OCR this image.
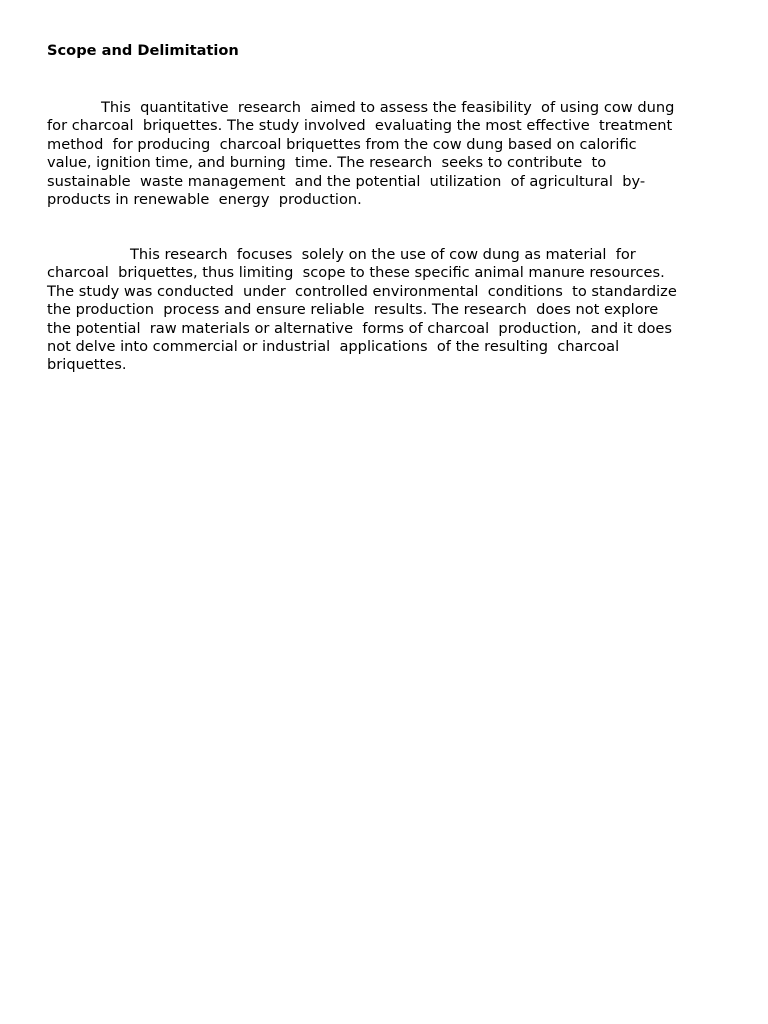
Scope and Delimitation

This  quantitative  research  aimed to assess the feasibility  of using cow dung
for charcoal  briquettes. The study involved  evaluating the most effective  treatment
method  for producing  charcoal briquettes from the cow dung based on calorific
value, ignition time, and burning  time. The research  seeks to contribute  to
sustainable  waste management  and the potential  utilization  of agricultural  by-
products in renewable  energy  production.

This research  focuses  solely on the use of cow dung as material  for
charcoal  briquettes, thus limiting  scope to these specific animal manure resources.
The study was conducted  under  controlled environmental  conditions  to standardize
the production  process and ensure reliable  results. The research  does not explore
the potential  raw materials or alternative  forms of charcoal  production,  and it does
not delve into commercial or industrial  applications  of the resulting  charcoal
briquettes.
